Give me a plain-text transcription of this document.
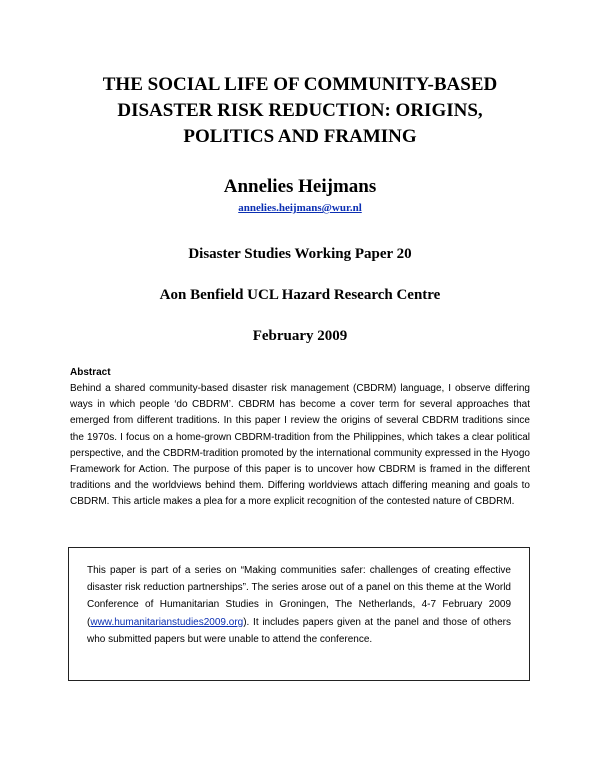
THE SOCIAL LIFE OF COMMUNITY-BASED
DISASTER RISK REDUCTION: ORIGINS,
POLITICS AND FRAMING
Annelies Heijmans
annelies.heijmans@wur.nl
Disaster Studies Working Paper 20
Aon Benfield UCL Hazard Research Centre
February 2009
Abstract

Behind a shared community-based disaster risk management (CBDRM) language, I observe differing ways in which people ‘do CBDRM’. CBDRM has become a cover term for several approaches that emerged from different traditions. In this paper I review the origins of several CBDRM traditions since the 1970s. I focus on a home-grown CBDRM-tradition from the Philippines, which takes a clear political perspective, and the CBDRM-tradition promoted by the international community expressed in the Hyogo Framework for Action. The purpose of this paper is to uncover how CBDRM is framed in the different traditions and the worldviews behind them. Differing worldviews attach differing meaning and goals to CBDRM. This article makes a plea for a more explicit recognition of the contested nature of CBDRM.

This paper is part of a series on “Making communities safer: challenges of creating effective disaster risk reduction partnerships”. The series arose out of a panel on this theme at the World Conference of Humanitarian Studies in Groningen, The Netherlands, 4-7 February 2009 (www.humanitarianstudies2009.org). It includes papers given at the panel and those of others who submitted papers but were unable to attend the conference.
